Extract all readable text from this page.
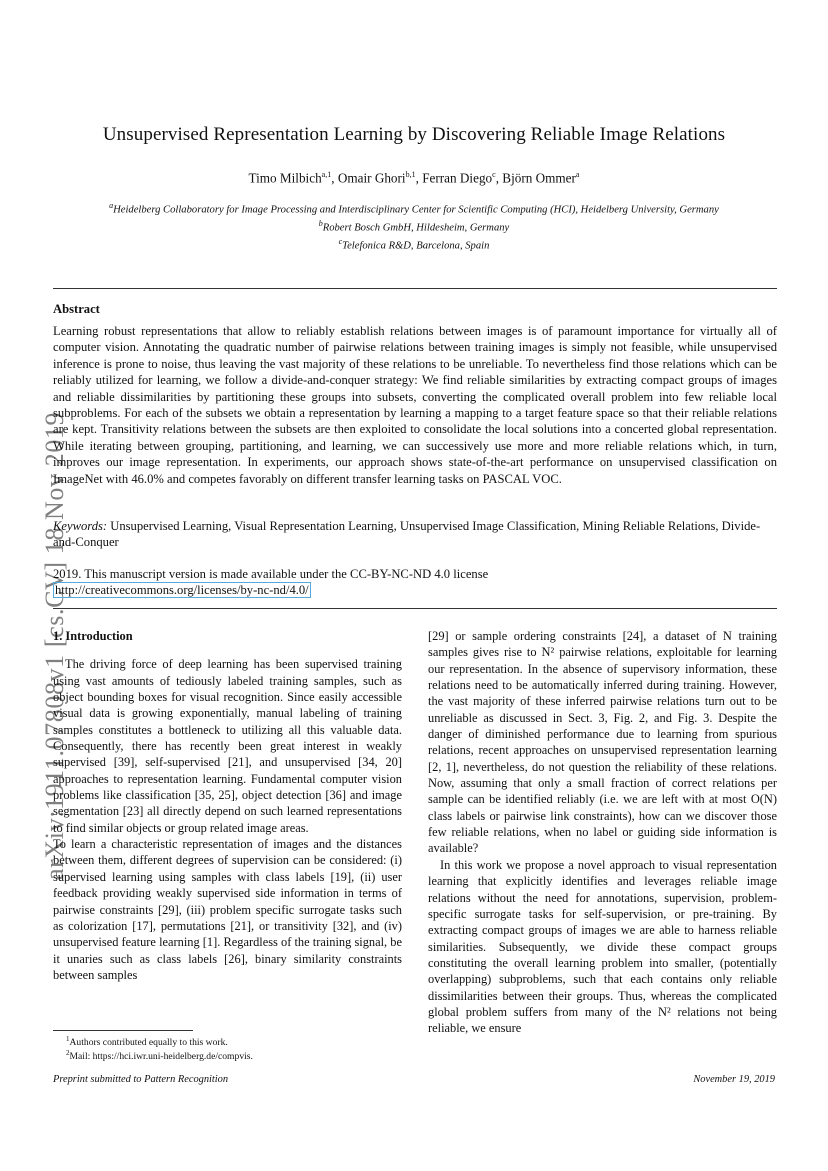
arXiv:1911.07808v1 [cs.CV] 18 Nov 2019
Unsupervised Representation Learning by Discovering Reliable Image Relations
Timo Milbich$^{a,1}$, Omair Ghori$^{b,1}$, Ferran Diego$^c$, Björn Ommer$^a$
$^a$Heidelberg Collaboratory for Image Processing and Interdisciplinary Center for Scientific Computing (HCI), Heidelberg University, Germany
$^b$Robert Bosch GmbH, Hildesheim, Germany
$^c$Telefonica R&D, Barcelona, Spain
Abstract
Learning robust representations that allow to reliably establish relations between images is of paramount importance for virtually all of computer vision. Annotating the quadratic number of pairwise relations between training images is simply not feasible, while unsupervised inference is prone to noise, thus leaving the vast majority of these relations to be unreliable. To nevertheless find those relations which can be reliably utilized for learning, we follow a divide-and-conquer strategy: We find reliable similarities by extracting compact groups of images and reliable dissimilarities by partitioning these groups into subsets, converting the complicated overall problem into few reliable local subproblems. For each of the subsets we obtain a representation by learning a mapping to a target feature space so that their reliable relations are kept. Transitivity relations between the subsets are then exploited to consolidate the local solutions into a concerted global representation. While iterating between grouping, partitioning, and learning, we can successively use more and more reliable relations which, in turn, improves our image representation. In experiments, our approach shows state-of-the-art performance on unsupervised classification on ImageNet with 46.0% and competes favorably on different transfer learning tasks on PASCAL VOC.
Keywords: Unsupervised Learning, Visual Representation Learning, Unsupervised Image Classification, Mining Reliable Relations, Divide-and-Conquer
2019. This manuscript version is made available under the CC-BY-NC-ND 4.0 license
http://creativecommons.org/licenses/by-nc-nd/4.0/
1. Introduction

The driving force of deep learning has been supervised training using vast amounts of tediously labeled training samples, such as object bounding boxes for visual recognition. Since easily accessible visual data is growing exponentially, manual labeling of training samples constitutes a bottleneck to utilizing all this valuable data. Consequently, there has recently been great interest in weakly supervised [39], self-supervised [21], and unsupervised [34, 20] approaches to representation learning. Fundamental computer vision problems like classification [35, 25], object detection [36] and image segmentation [23] all directly depend on such learned representations to find similar objects or group related image areas.

To learn a characteristic representation of images and the distances between them, different degrees of supervision can be considered: (i) supervised learning using samples with class labels [19], (ii) user feedback providing weakly supervised side information in terms of pairwise constraints [29], (iii) problem specific surrogate tasks such as colorization [17], permutations [21], or transitivity [32], and (iv) unsupervised feature learning [1]. Regardless of the training signal, be it unaries such as class labels [26], binary similarity constraints between samples

[29] or sample ordering constraints [24], a dataset of N training samples gives rise to N² pairwise relations, exploitable for learning our representation. In the absence of supervisory information, these relations need to be automatically inferred during training. However, the vast majority of these inferred pairwise relations turn out to be unreliable as discussed in Sect. 3, Fig. 2, and Fig. 3. Despite the danger of diminished performance due to learning from spurious relations, recent approaches on unsupervised representation learning [2, 1], nevertheless, do not question the reliability of these relations. Now, assuming that only a small fraction of correct relations per sample can be identified reliably (i.e. we are left with at most O(N) class labels or pairwise link constraints), how can we discover those few reliable relations, when no label or guiding side information is available?

In this work we propose a novel approach to visual representation learning that explicitly identifies and leverages reliable image relations without the need for annotations, supervision, problem-specific surrogate tasks for self-supervision, or pre-training. By extracting compact groups of images we are able to harness reliable similarities. Subsequently, we divide these compact groups constituting the overall learning problem into smaller, (potentially overlapping) subproblems, such that each contains only reliable dissimilarities between their groups. Thus, whereas the complicated global problem suffers from many of the N² relations not being reliable, we ensure

$^1$Authors contributed equally to this work.
$^2$Mail: https://hci.iwr.uni-heidelberg.de/compvis.
Preprint submitted to Pattern Recognition	November 19, 2019
